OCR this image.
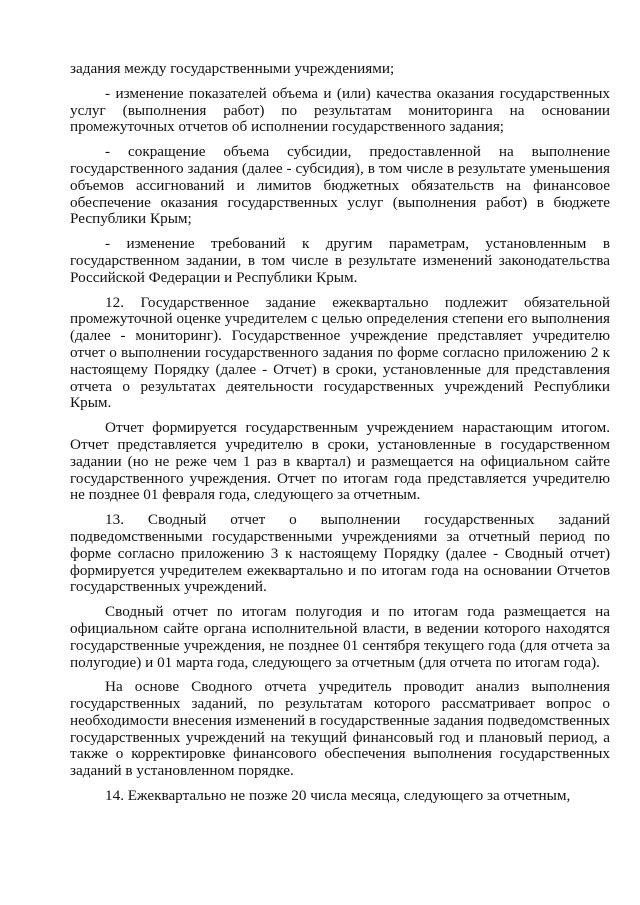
задания между государственными учреждениями;

- изменение показателей объема и (или) качества оказания государственных услуг (выполнения работ) по результатам мониторинга на основании промежуточных отчетов об исполнении государственного задания;

- сокращение объема субсидии, предоставленной на выполнение государственного задания (далее - субсидия), в том числе в результате уменьшения объемов ассигнований и лимитов бюджетных обязательств на финансовое обеспечение оказания государственных услуг (выполнения работ) в бюджете Республики Крым;

- изменение требований к другим параметрам, установленным в государственном задании, в том числе в результате изменений законодательства Российской Федерации и Республики Крым.

12. Государственное задание ежеквартально подлежит обязательной промежуточной оценке учредителем с целью определения степени его выполнения (далее - мониторинг). Государственное учреждение представляет учредителю отчет о выполнении государственного задания по форме согласно приложению 2 к настоящему Порядку (далее - Отчет) в сроки, установленные для представления отчета о результатах деятельности государственных учреждений Республики Крым.

Отчет формируется государственным учреждением нарастающим итогом. Отчет представляется учредителю в сроки, установленные в государственном задании (но не реже чем 1 раз в квартал) и размещается на официальном сайте государственного учреждения. Отчет по итогам года представляется учредителю не позднее 01 февраля года, следующего за отчетным.

13. Сводный отчет о выполнении государственных заданий подведомственными государственными учреждениями за отчетный период по форме согласно приложению 3 к настоящему Порядку (далее - Сводный отчет) формируется учредителем ежеквартально и по итогам года на основании Отчетов государственных учреждений.

Сводный отчет по итогам полугодия и по итогам года размещается на официальном сайте органа исполнительной власти, в ведении которого находятся государственные учреждения, не позднее 01 сентября текущего года (для отчета за полугодие) и 01 марта года, следующего за отчетным (для отчета по итогам года).

На основе Сводного отчета учредитель проводит анализ выполнения государственных заданий, по результатам которого рассматривает вопрос о необходимости внесения изменений в государственные задания подведомственных государственных учреждений на текущий финансовый год и плановый период, а также о корректировке финансового обеспечения выполнения государственных заданий в установленном порядке.

14. Ежеквартально не позже 20 числа месяца, следующего за отчетным,
